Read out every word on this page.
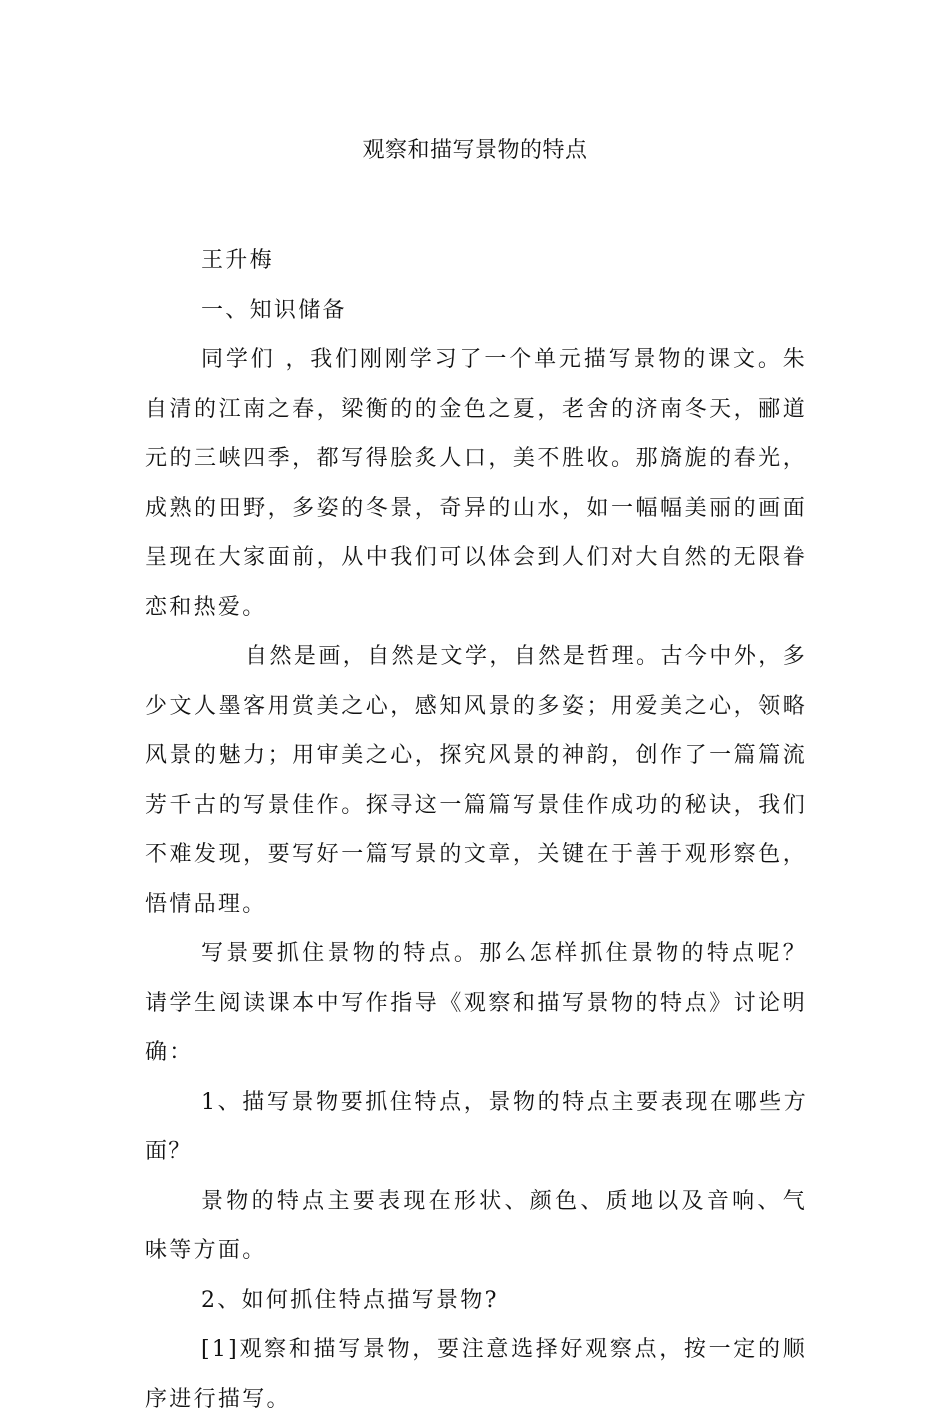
观察和描写景物的特点

王升梅

一、知识储备

同学们 ，我们刚刚学习了一个单元描写景物的课文。朱自清的江南之春，梁衡的的金色之夏，老舍的济南冬天，郦道元的三峡四季，都写得脍炙人口，美不胜收。那旖旎的春光，成熟的田野，多姿的冬景，奇异的山水，如一幅幅美丽的画面呈现在大家面前，从中我们可以体会到人们对大自然的无限眷恋和热爱。

自然是画，自然是文学，自然是哲理。古今中外，多少文人墨客用赏美之心，感知风景的多姿；用爱美之心，领略风景的魅力；用审美之心，探究风景的神韵，创作了一篇篇流芳千古的写景佳作。探寻这一篇篇写景佳作成功的秘诀，我们不难发现，要写好一篇写景的文章，关键在于善于观形察色，悟情品理。

写景要抓住景物的特点。那么怎样抓住景物的特点呢？请学生阅读课本中写作指导《观察和描写景物的特点》讨论明确：

1、描写景物要抓住特点，景物的特点主要表现在哪些方面？

景物的特点主要表现在形状、颜色、质地以及音响、气味等方面。

2、如何抓住特点描写景物?

[1]观察和描写景物，要注意选择好观察点，按一定的顺序进行描写。
